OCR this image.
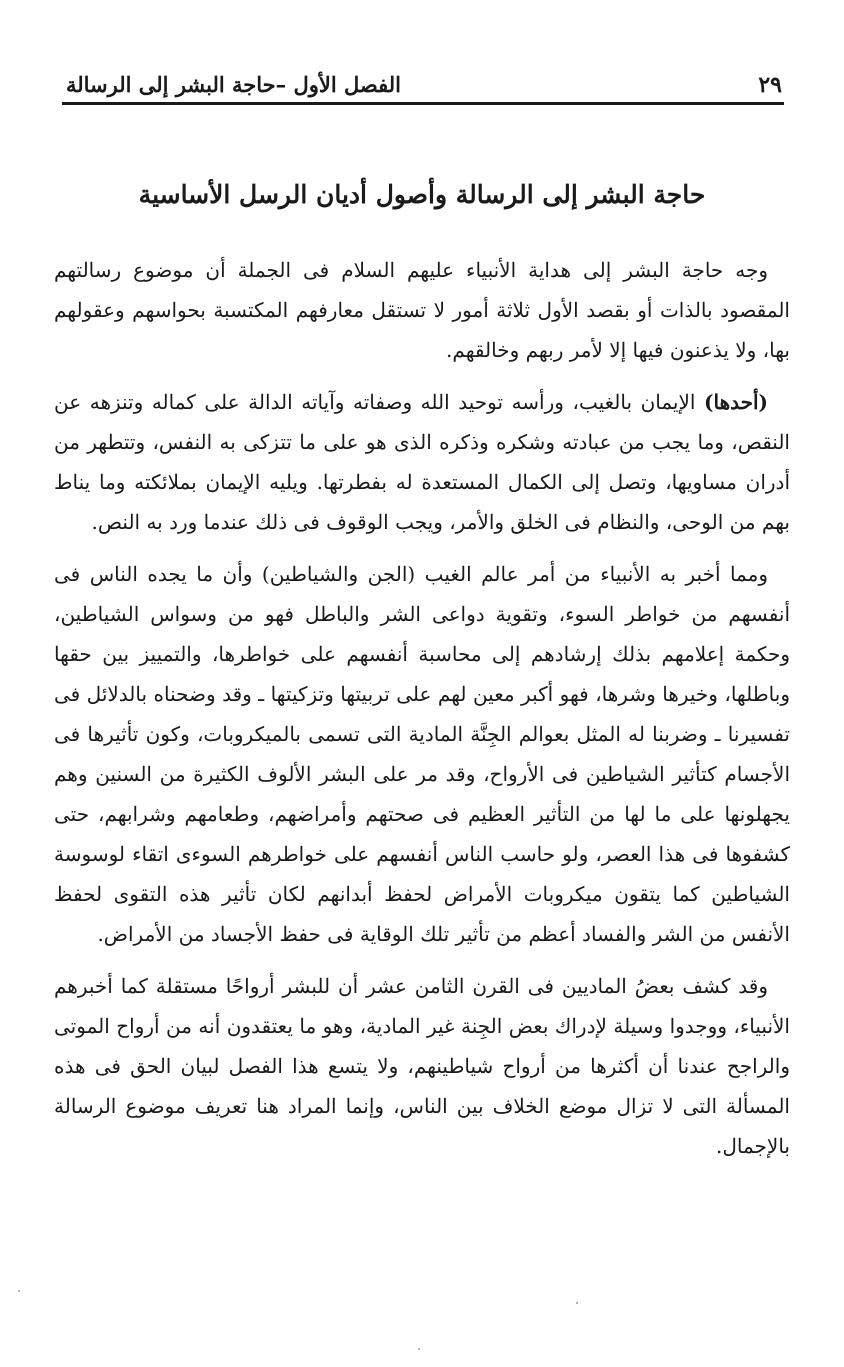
٢٩
الفصل الأول –حاجة البشر إلى الرسالة
حاجة البشر إلى الرسالة وأصول أديان الرسل الأساسية

وجه حاجة البشر إلى هداية الأنبياء عليهم السلام فى الجملة أن موضوع رسالتهم المقصود بالذات أو بقصد الأول ثلاثة أمور لا تستقل معارفهم المكتسبة بحواسهم وعقولهم بها، ولا يذعنون فيها إلا لأمر ربهم وخالقهم.

(أحدها) الإيمان بالغيب، ورأسه توحيد الله وصفاته وآياته الدالة على كماله وتنزهه عن النقص، وما يجب من عبادته وشكره وذكره الذى هو على ما تتزكى به النفس، وتتطهر من أدران مساويها، وتصل إلى الكمال المستعدة له بفطرتها. ويليه الإيمان بملائكته وما يناط بهم من الوحى، والنظام فى الخلق والأمر، ويجب الوقوف فى ذلك عندما ورد به النص.

ومما أخبر به الأنبياء من أمر عالم الغيب (الجن والشياطين) وأن ما يجده الناس فى أنفسهم من خواطر السوء، وتقوية دواعى الشر والباطل فهو من وسواس الشياطين، وحكمة إعلامهم بذلك إرشادهم إلى محاسبة أنفسهم على خواطرها، والتمييز بين حقها وباطلها، وخيرها وشرها، فهو أكبر معين لهم على تربيتها وتزكيتها ـ وقد وضحناه بالدلائل فى تفسيرنا ـ وضربنا له المثل بعوالم الجِنَّة المادية التى تسمى بالميكروبات، وكون تأثيرها فى الأجسام كتأثير الشياطين فى الأرواح، وقد مر على البشر الألوف الكثيرة من السنين وهم يجهلونها على ما لها من التأثير العظيم فى صحتهم وأمراضهم، وطعامهم وشرابهم، حتى كشفوها فى هذا العصر، ولو حاسب الناس أنفسهم على خواطرهم السوءى اتقاء لوسوسة الشياطين كما يتقون ميكروبات الأمراض لحفظ أبدانهم لكان تأثير هذه التقوى لحفظ الأنفس من الشر والفساد أعظم من تأثير تلك الوقاية فى حفظ الأجساد من الأمراض.

وقد كشف بعضُ الماديين فى القرن الثامن عشر أن للبشر أرواحًا مستقلة كما أخبرهم الأنبياء، ووجدوا وسيلة لإدراك بعض الجِنة غير المادية، وهو ما يعتقدون أنه من أرواح الموتى والراجح عندنا أن أكثرها من أرواح شياطينهم، ولا يتسع هذا الفصل لبيان الحق فى هذه المسألة التى لا تزال موضع الخلاف بين الناس، وإنما المراد هنا تعريف موضوع الرسالة بالإجمال.
